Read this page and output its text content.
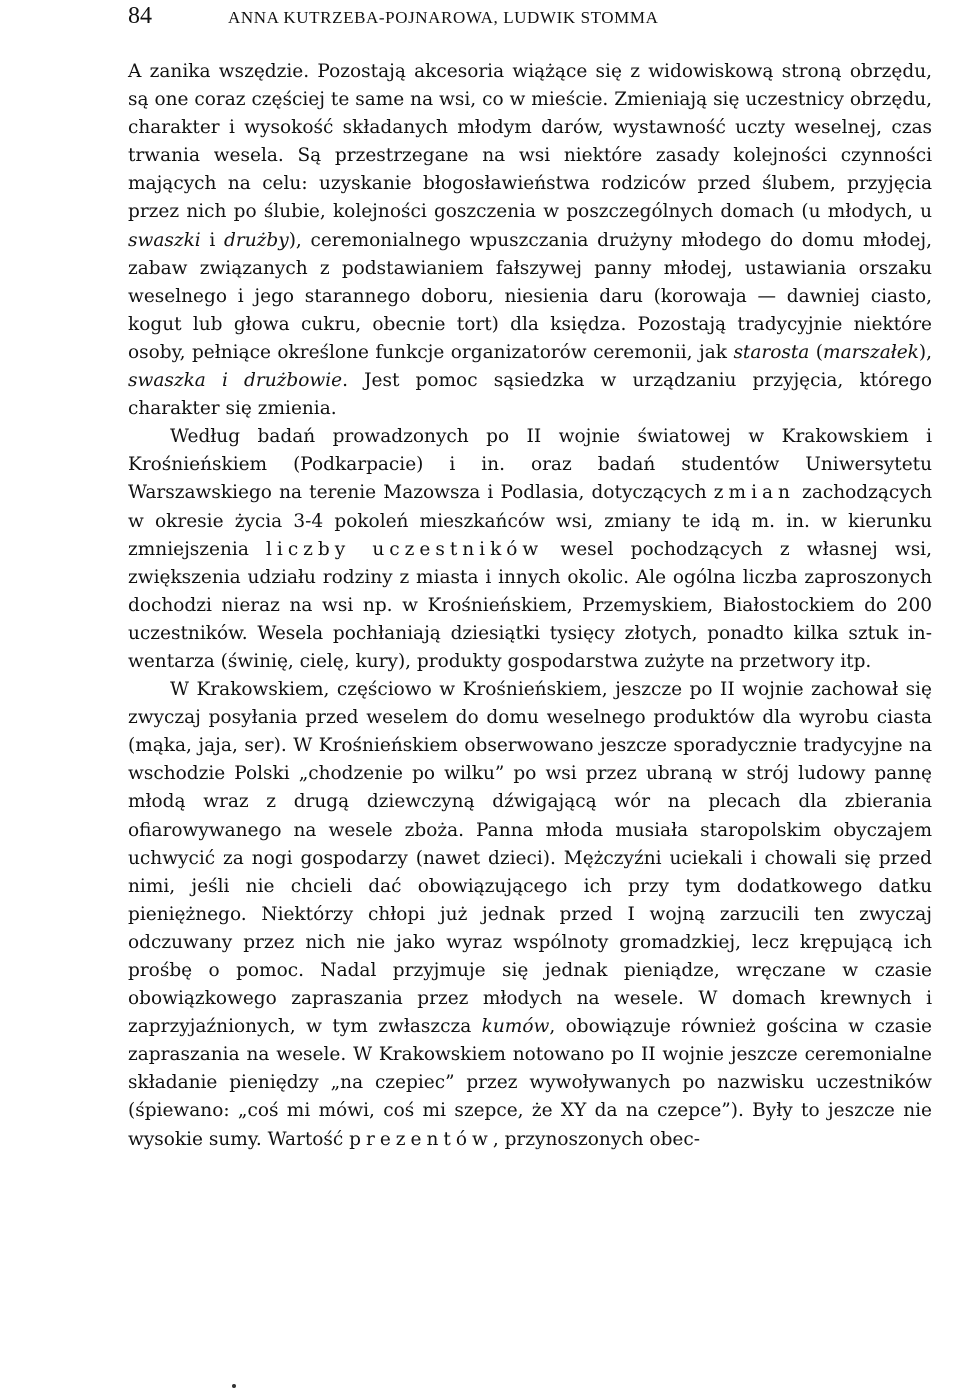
84	ANNA KUTRZEBA-POJNAROWA, LUDWIK STOMMA

A zanika wszędzie. Pozostają akcesoria wiążące się z widowiskową stroną obrzędu, są one coraz częściej te same na wsi, co w mieście. Zmieniają się uczestnicy obrzędu, charakter i wysokość składanych młodym darów, wystawność uczty weselnej, czas trwania wesela. Są przestrzegane na wsi niektóre zasady kolejności czynności mających na celu: uzyskanie błogosławieństwa rodziców przed ślubem, przyjęcia przez nich po ślubie, kolejności goszczenia w poszczególnych domach (u młodych, u swaszki i drużby), ceremonialnego wpuszczania drużyny młodego do domu młodej, zabaw związanych z podstawianiem fałszywej panny młodej, ustawiania orszaku weselnego i jego starannego doboru, niesienia daru (korowaja — dawniej ciasto, kogut lub głowa cukru, obecnie tort) dla księdza. Pozostają tradycyjnie niektóre osoby, pełniące określone funkcje organizatorów ceremonii, jak starosta (marszałek), swaszka i drużbowie. Jest pomoc sąsiedzka w urządzaniu przyjęcia, którego charakter się zmienia.

Według badań prowadzonych po II wojnie światowej w Krakowskiem i Krośnieńskiem (Podkarpacie) i in. oraz badań studentów Uniwersytetu Warszawskiego na terenie Mazowsza i Podlasia, dotyczących zmian zachodzących w okresie życia 3-4 pokoleń mieszkańców wsi, zmiany te idą m. in. w kierunku zmniejszenia liczby uczestników wesel pochodzących z własnej wsi, zwiększenia udziału rodziny z miasta i innych okolic. Ale ogólna liczba zaproszonych dochodzi nieraz na wsi np. w Krośnieńskiem, Przemyskiem, Białostockiem do 200 uczestników. Wesela pochłaniają dziesiątki tysięcy złotych, ponadto kilka sztuk inwentarza (świnię, cielę, kury), produkty gospodarstwa zużyte na przetwory itp.

W Krakowskiem, częściowo w Krośnieńskiem, jeszcze po II wojnie zachował się zwyczaj posyłania przed weselem do domu weselnego produktów dla wyrobu ciasta (mąka, jaja, ser). W Krośnieńskiem obserwowano jeszcze sporadycznie tradycyjne na wschodzie Polski „chodzenie po wilku” po wsi przez ubraną w strój ludowy pannę młodą wraz z drugą dziewczyną dźwigającą wór na plecach dla zbierania ofiarowywanego na wesele zboża. Panna młoda musiała staropolskim obyczajem uchwycić za nogi gospodarzy (nawet dzieci). Mężczyźni uciekali i chowali się przed nimi, jeśli nie chcieli dać obowiązującego ich przy tym dodatkowego datku pieniężnego. Niektórzy chłopi już jednak przed I wojną zarzucili ten zwyczaj odczuwany przez nich nie jako wyraz wspólnoty gromadzkiej, lecz krępującą ich prośbę o pomoc. Nadal przyjmuje się jednak pieniądze, wręczane w czasie obowiązkowego zapraszania przez młodych na wesele. W domach krewnych i zaprzyjaźnionych, w tym zwłaszcza kumów, obowiązuje również gościna w czasie zapraszania na wesele. W Krakowskiem notowano po II wojnie jeszcze ceremonialne składanie pieniędzy „na czepiec” przez wywoływanych po nazwisku uczestników (śpiewano: „coś mi mówi, coś mi szepce, że XY da na czepce”). Były to jeszcze nie wysokie sumy. Wartość prezentów, przynoszonych obec-
